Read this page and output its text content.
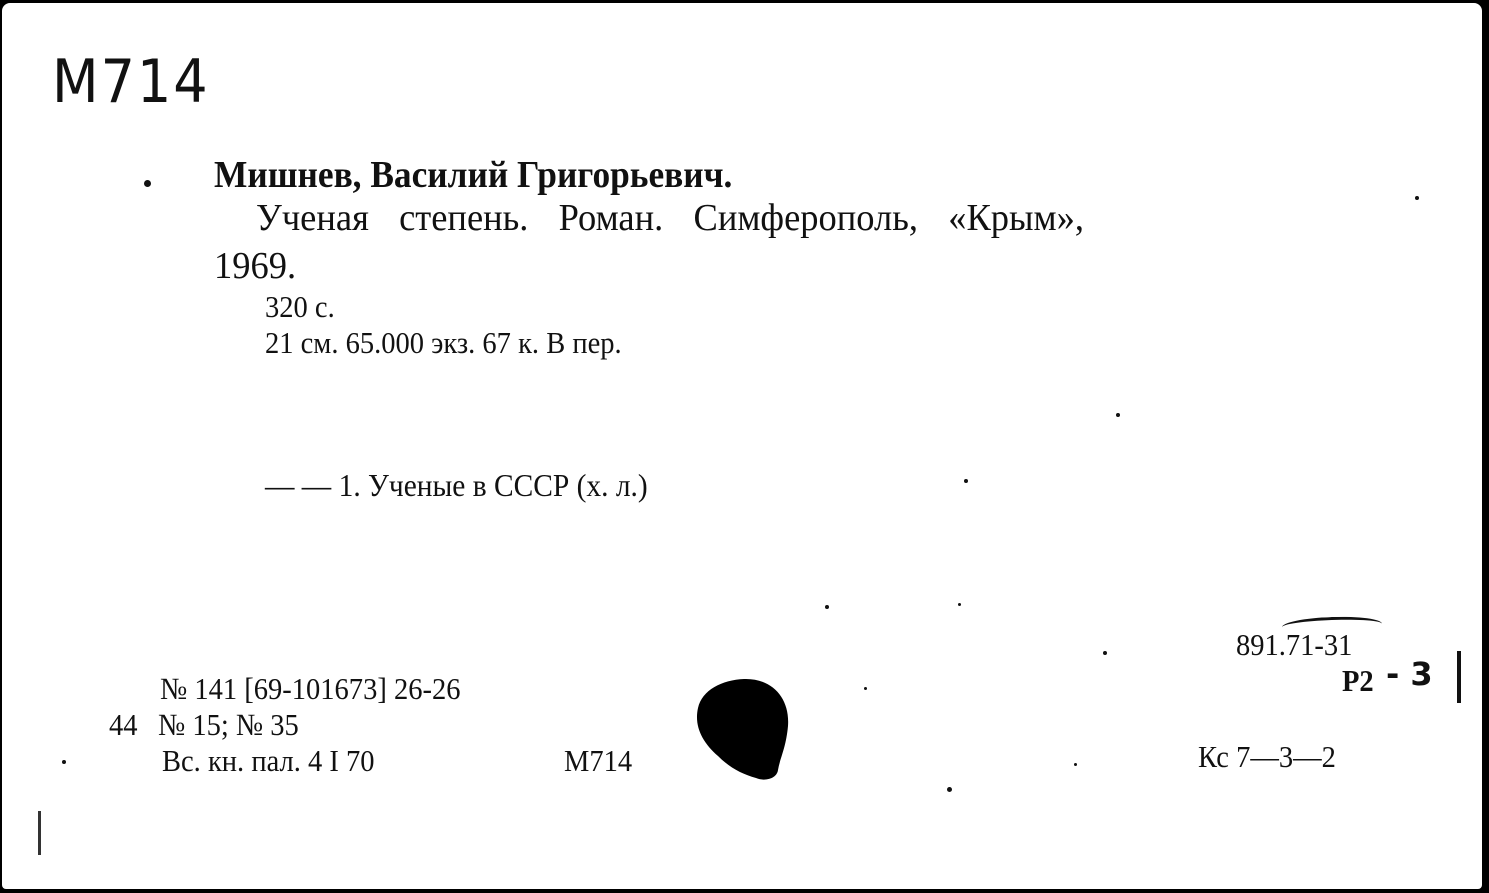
M714
Мишнев, Василий Григорьевич.
Ученая степень. Роман. Симферополь, «Крым»,
1969.
320 с.
21 см. 65.000 экз. 67 к. В пер.
— — 1. Ученые в СССР (х. л.)
891.71-31
Р2 - 3
Кс 7—3—2
№ 141 [69-101673] 26-26
44 № 15; № 35
Вс. кн. пал. 4 I 70	М714
